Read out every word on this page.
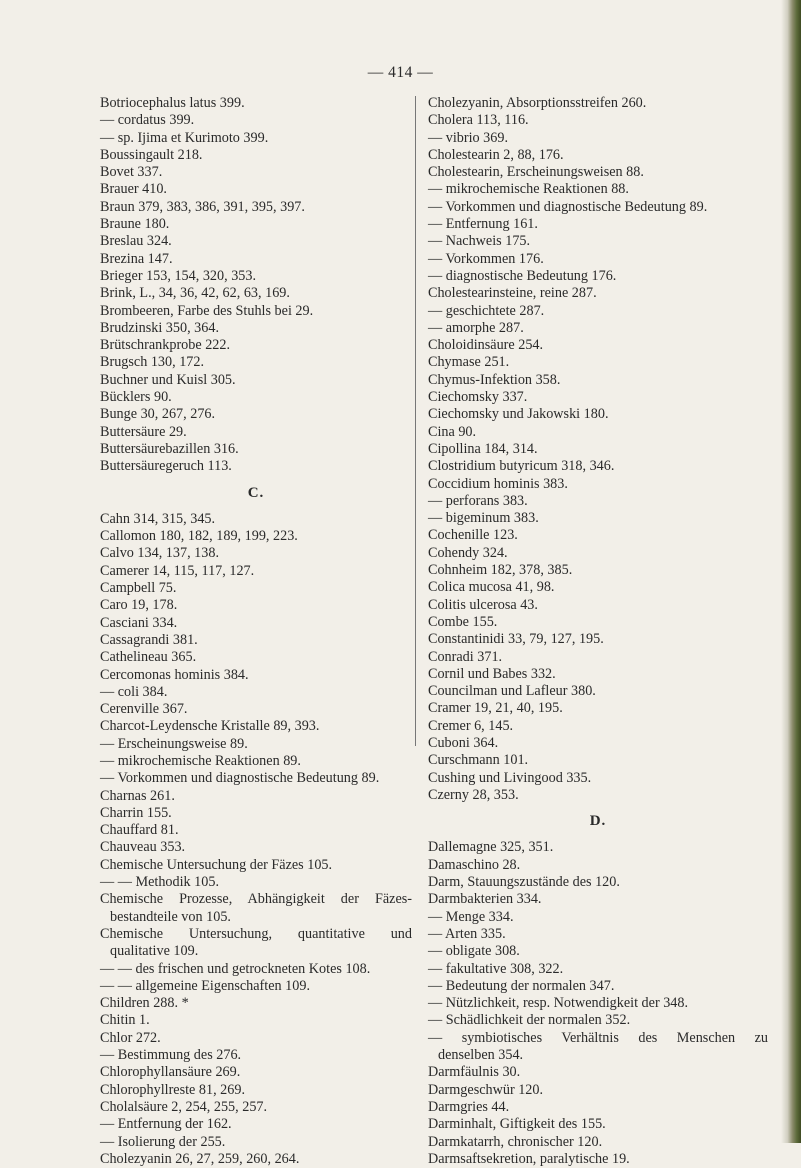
— 414 —
Botriocephalus latus 399.
— cordatus 399.
— sp. Ijima et Kurimoto 399.
Boussingault 218.
Bovet 337.
Brauer 410.
Braun 379, 383, 386, 391, 395, 397.
Braune 180.
Breslau 324.
Brezina 147.
Brieger 153, 154, 320, 353.
Brink, L., 34, 36, 42, 62, 63, 169.
Brombeeren, Farbe des Stuhls bei 29.
Brudzinski 350, 364.
Brütschrankprobe 222.
Brugsch 130, 172.
Buchner und Kuisl 305.
Bücklers 90.
Bunge 30, 267, 276.
Buttersäure 29.
Buttersäurebazillen 316.
Buttersäuregeruch 113.
C.
Cahn 314, 315, 345.
Callomon 180, 182, 189, 199, 223.
Calvo 134, 137, 138.
Camerer 14, 115, 117, 127.
Campbell 75.
Caro 19, 178.
Casciani 334.
Cassagrandi 381.
Cathelineau 365.
Cercomonas hominis 384.
— coli 384.
Cerenville 367.
Charcot-Leydensche Kristalle 89, 393.
— Erscheinungsweise 89.
— mikrochemische Reaktionen 89.
— Vorkommen und diagnostische Bedeutung 89.
Charnas 261.
Charrin 155.
Chauffard 81.
Chauveau 353.
Chemische Untersuchung der Fäzes 105.
— — Methodik 105.
Chemische Prozesse, Abhängigkeit der Fäzes-
bestandteile von 105.
Chemische Untersuchung, quantitative und
qualitative 109.
— — des frischen und getrockneten Kotes 108.
— — allgemeine Eigenschaften 109.
Children 288. *
Chitin 1.
Chlor 272.
— Bestimmung des 276.
Chlorophyllansäure 269.
Chlorophyllreste 81, 269.
Cholalsäure 2, 254, 255, 257.
— Entfernung der 162.
— Isolierung der 255.
Cholezyanin 26, 27, 259, 260, 264.
Cholezyanin, Absorptionsstreifen 260.
Cholera 113, 116.
— vibrio 369.
Cholestearin 2, 88, 176.
Cholestearin, Erscheinungsweisen 88.
— mikrochemische Reaktionen 88.
— Vorkommen und diagnostische Bedeutung 89.
— Entfernung 161.
— Nachweis 175.
— Vorkommen 176.
— diagnostische Bedeutung 176.
Cholestearinsteine, reine 287.
— geschichtete 287.
— amorphe 287.
Choloidinsäure 254.
Chymase 251.
Chymus-Infektion 358.
Ciechomsky 337.
Ciechomsky und Jakowski 180.
Cina 90.
Cipollina 184, 314.
Clostridium butyricum 318, 346.
Coccidium hominis 383.
— perforans 383.
— bigeminum 383.
Cochenille 123.
Cohendy 324.
Cohnheim 182, 378, 385.
Colica mucosa 41, 98.
Colitis ulcerosa 43.
Combe 155.
Constantinidi 33, 79, 127, 195.
Conradi 371.
Cornil und Babes 332.
Councilman und Lafleur 380.
Cramer 19, 21, 40, 195.
Cremer 6, 145.
Cuboni 364.
Curschmann 101.
Cushing und Livingood 335.
Czerny 28, 353.
D.
Dallemagne 325, 351.
Damaschino 28.
Darm, Stauungszustände des 120.
Darmbakterien 334.
— Menge 334.
— Arten 335.
— obligate 308.
— fakultative 308, 322.
— Bedeutung der normalen 347.
— Nützlichkeit, resp. Notwendigkeit der 348.
— Schädlichkeit der normalen 352.
— symbiotisches Verhältnis des Menschen zu
denselben 354.
Darmfäulnis 30.
Darmgeschwür 120.
Darmgries 44.
Darminhalt, Giftigkeit des 155.
Darmkatarrh, chronischer 120.
Darmsaftsekretion, paralytische 19.
